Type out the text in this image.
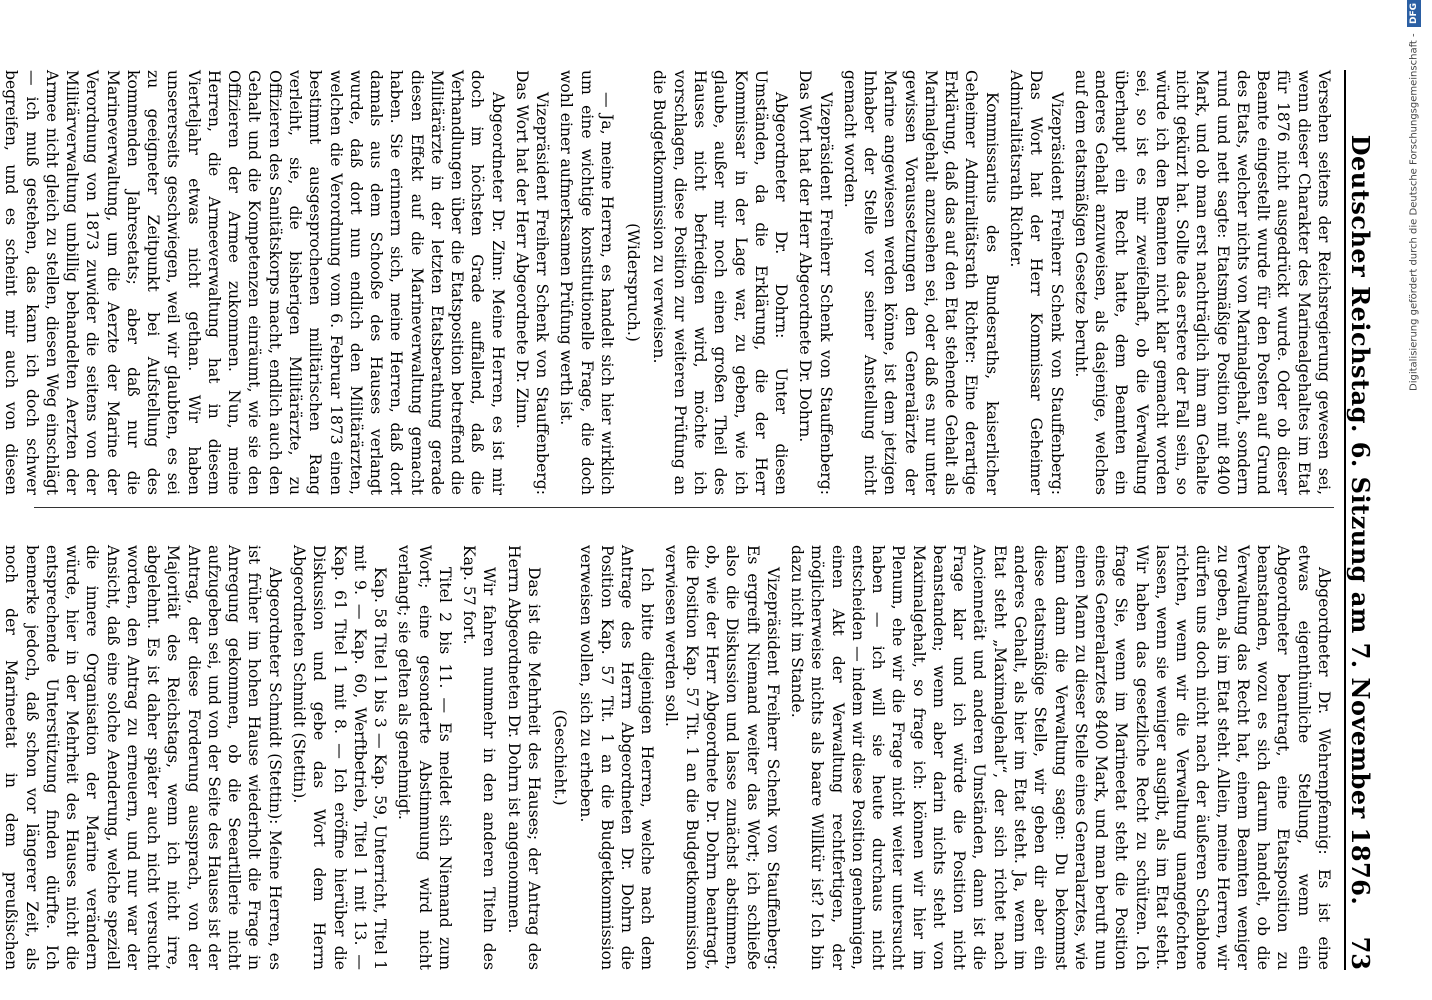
Deutscher Reichstag. 6. Sitzung am 7. November 1876.
73

Versehen seitens der Reichsregierung gewesen sei, wenn dieser Charakter des Marinealgehaltes im Etat für 1876 nicht ausgedrückt wurde. Oder ob dieser Beamte eingestellt wurde für den Posten auf Grund des Etats, welcher nichts von Marinalgehalt, sondern rund und nett sagte: Etatsmäßige Position mit 8400 Mark, und ob man erst nachträglich ihm am Gehalte nicht gekürzt hat. Sollte das erstere der Fall sein, so würde ich den Beamten nicht klar gemacht worden sei, so ist es mir zweifelhaft, ob die Verwaltung überhaupt ein Recht hatte, dem Beamten ein anderes Gehalt anzuweisen, als dasjenige, welches auf dem etatsmäßigen Gesetze beruht.

Vizepräsident Freiherr Schenk von Stauffenberg: Das Wort hat der Herr Kommissar Geheimer Admiralitätsrath Richter.

Kommissarius des Bundesraths, kaiserlicher Geheimer Admiralitätsrath Richter: Eine derartige Erklärung, daß das auf den Etat stehende Gehalt als Marinalgehalt anzusehen sei, oder daß es nur unter gewissen Voraussetzungen den Generalärzte der Marine angewiesen werden könne, ist dem jetzigen Inhaber der Stelle vor seiner Anstellung nicht gemacht worden.

Vizepräsident Freiherr Schenk von Stauffenberg: Das Wort hat der Herr Abgeordnete Dr. Dohrn.

Abgeordneter Dr. Dohrn: Unter diesen Umständen, da die Erklärung, die der Herr Kommissar in der Lage war, zu geben, wie ich glaube, außer mir noch einen großen Theil des Hauses nicht befriedigen wird, möchte ich vorschlagen, diese Position zur weiteren Prüfung an die Budgetkommission zu verweisen.

(Widerspruch.)

— Ja, meine Herren, es handelt sich hier wirklich um eine wichtige konstitutionelle Frage, die doch wohl einer aufmerksamen Prüfung werth ist.

Vizepräsident Freiherr Schenk von Stauffenberg: Das Wort hat der Herr Abgeordnete Dr. Zinn.

Abgeordneter Dr. Zinn: Meine Herren, es ist mir doch im höchsten Grade auffallend, daß die Verhandlungen über die Etatsposition betreffend die Militärärzte in der letzten Etatsberathung gerade diesen Effekt auf die Marineverwaltung gemacht haben. Sie erinnern sich, meine Herren, daß dort damals aus dem Schooße des Hauses verlangt wurde, daß dort nun endlich den Militärärzten, welchen die Verordnung vom 6. Februar 1873 einen bestimmt ausgesprochenen militärischen Rang verleiht, sie, die bisherigen Militärärzte, zu Offizieren des Sanitätskorps macht, endlich auch den Gehalt und die Kompetenzen einräumt, wie sie den Offizieren der Armee zukommen. Nun, meine Herren, die Armeeverwaltung hat in diesem Vierteljahr etwas nicht gethan. Wir haben unsererseits geschwiegen, weil wir glaubten, es sei zu geeigneter Zeitpunkt bei Aufstellung des kommenden Jahresetats; aber daß nur die Marineverwaltung, um die Aerzte der Marine der Verordnung von 1873 zuwider die seitens von der Militärverwaltung unbillig behandelten Aerzten der Armee nicht gleich zu stellen, diesen Weg einschlägt — ich muß gestehen, das kann ich doch schwer begreifen, und es scheint mir auch von diesen

Abgeordneter Dr. Wehrenpfennig: Es ist eine etwas eigenthümliche Stellung, wenn ein Abgeordneter beantragt, eine Etatsposition zu beanstanden, wozu es sich darum handelt, ob die Verwaltung das Recht hat, einem Beamten weniger zu geben, als im Etat steht. Allein, meine Herren, wir dürfen uns doch nicht nach der äußeren Schablone richten, wenn wir die Verwaltung unangefochten lassen, wenn sie weniger ausgibt, als im Etat steht. Wir haben das gesetzliche Recht zu schützen. Ich frage Sie, wenn im Marineetat steht die Position eines Generalarztes 8400 Mark, und man beruft nun einen Mann zu dieser Stelle eines Generalarztes, wie kann dann die Verwaltung sagen: Du bekommst diese etatsmäßige Stelle, wir geben dir aber ein anderes Gehalt, als hier im Etat steht. Ja, wenn im Etat steht „Maximalgehalt“, der sich richtet nach Anciennetät und anderen Umständen, dann ist die Frage klar und ich würde die Position nicht beanstanden; wenn aber darin nichts steht von Maximalgehalt, so frage ich: können wir hier im Plenum, ehe wir die Frage nicht weiter untersucht haben — ich will sie heute durchaus nicht entscheiden — indem wir diese Position genehmigen, einen Akt der Verwaltung rechtfertigen, der möglicherweise nichts als baare Willkür ist? Ich bin dazu nicht im Stande.

Vizepräsident Freiherr Schenk von Stauffenberg: Es ergreift Niemand weiter das Wort; ich schließe also die Diskussion und lasse zunächst abstimmen, ob, wie der Herr Abgeordnete Dr. Dohrn beantragt, die Position Kap. 57 Tit. 1 an die Budgetkommission verwiesen werden soll.

Ich bitte diejenigen Herren, welche nach dem Antrage des Herrn Abgeordneten Dr. Dohrn die Position Kap. 57 Tit. 1 an die Budgetkommission verweisen wollen, sich zu erheben.

(Geschieht.)

Das ist die Mehrheit des Hauses; der Antrag des Herrn Abgeordneten Dr. Dohrn ist angenommen.

Wir fahren nunmehr in den anderen Titeln des Kap. 57 fort.

Titel 2 bis 11. — Es meldet sich Niemand zum Wort; eine gesonderte Abstimmung wird nicht verlangt; sie gelten als genehmigt.

Kap. 58 Titel 1 bis 3 — Kap. 59, Unterricht, Titel 1 mit 9. — Kap. 60, Werftbetrieb, Titel 1 mit 13. — Kap. 61 Titel 1 mit 8. — Ich eröffne hierüber die Diskussion und gebe das Wort dem Herrn Abgeordneten Schmidt (Stettin).

Abgeordneter Schmidt (Stettin): Meine Herren, es ist früher im hohen Hause wiederholt die Frage in Anregung gekommen, ob die Seeartillerie nicht aufzugeben sei, und von der Seite des Hauses ist der Antrag, der diese Forderung aussprach, von der Majorität des Reichstags, wenn ich nicht irre, abgelehnt. Es ist daher später auch nicht versucht worden, den Antrag zu erneuern, und nur war der Ansicht, daß eine solche Aenderung, welche speziell die innere Organisation der Marine verändern würde, hier in der Mehrheit des Hauses nicht die entsprechende Unterstützung finden dürfte. Ich bemerke jedoch, daß schon vor längerer Zeit, als noch der Marineetat in dem preußischen

Digitalisierung gefördert durch die Deutsche Forschungsgemeinschaft -
DFG
